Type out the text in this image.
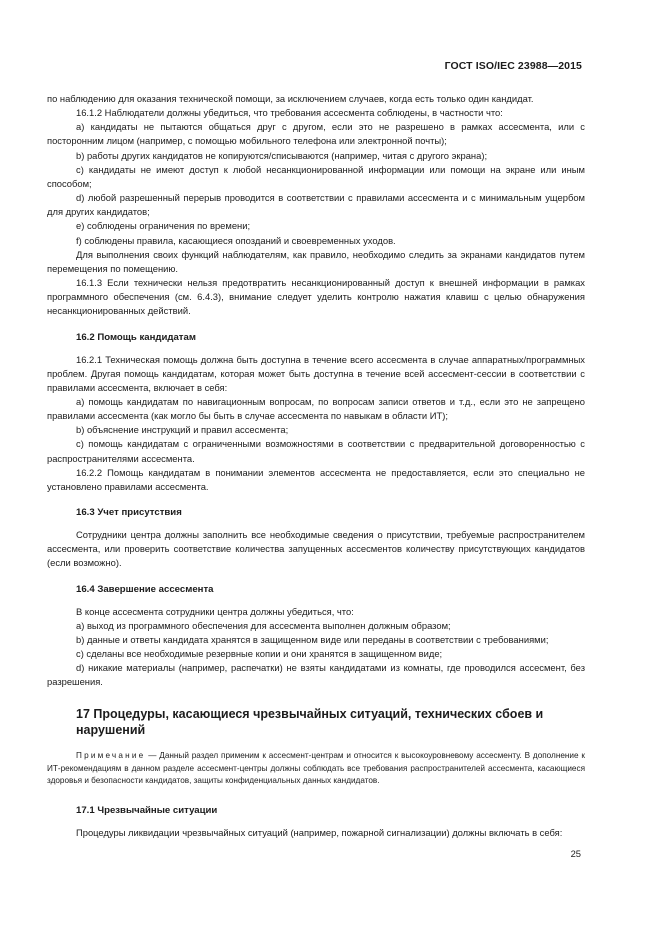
ГОСТ ISO/IEC 23988—2015

по наблюдению для оказания технической помощи, за исключением случаев, когда есть только один кандидат.

16.1.2 Наблюдатели должны убедиться, что требования ассесмента соблюдены, в частности что:

а) кандидаты не пытаются общаться друг с другом, если это не разрешено в рамках ассесмента, или с посторонним лицом (например, с помощью мобильного телефона или электронной почты);

b) работы других кандидатов не копируются/списываются (например, читая с другого экрана);

c) кандидаты не имеют доступ к любой несанкционированной информации или помощи на экране или иным способом;

d) любой разрешенный перерыв проводится в соответствии с правилами ассесмента и с минимальным ущербом для других кандидатов;

e) соблюдены ограничения по времени;

f) соблюдены правила, касающиеся опозданий и своевременных уходов.

Для выполнения своих функций наблюдателям, как правило, необходимо следить за экранами кандидатов путем перемещения по помещению.

16.1.3 Если технически нельзя предотвратить несанкционированный доступ к внешней информации в рамках программного обеспечения (см. 6.4.3), внимание следует уделить контролю нажатия клавиш с целью обнаружения несанкционированных действий.

16.2 Помощь кандидатам

16.2.1 Техническая помощь должна быть доступна в течение всего ассесмента в случае аппаратных/программных проблем. Другая помощь кандидатам, которая может быть доступна в течение всей ассесмент-сессии в соответствии с правилами ассесмента, включает в себя:

а) помощь кандидатам по навигационным вопросам, по вопросам записи ответов и т.д., если это не запрещено правилами ассесмента (как могло бы быть в случае ассесмента по навыкам в области ИТ);

b) объяснение инструкций и правил ассесмента;

c) помощь кандидатам с ограниченными возможностями в соответствии с предварительной договоренностью с распространителями ассесмента.

16.2.2 Помощь кандидатам в понимании элементов ассесмента не предоставляется, если это специально не установлено правилами ассесмента.

16.3 Учет присутствия

Сотрудники центра должны заполнить все необходимые сведения о присутствии, требуемые распространителем ассесмента, или проверить соответствие количества запущенных ассесментов количеству присутствующих кандидатов (если возможно).

16.4 Завершение ассесмента

В конце ассесмента сотрудники центра должны убедиться, что:

а) выход из программного обеспечения для ассесмента выполнен должным образом;

b) данные и ответы кандидата хранятся в защищенном виде или переданы в соответствии с требованиями;

c) сделаны все необходимые резервные копии и они хранятся в защищенном виде;

d) никакие материалы (например, распечатки) не взяты кандидатами из комнаты, где проводился ассесмент, без разрешения.

17 Процедуры, касающиеся чрезвычайных ситуаций, технических сбоев и нарушений

Примечание — Данный раздел применим к ассесмент-центрам и относится к высокоуровневому ассесменту. В дополнение к ИТ-рекомендациям в данном разделе ассесмент-центры должны соблюдать все требования распространителей ассесмента, касающиеся здоровья и безопасности кандидатов, защиты конфиденциальных данных кандидатов.

17.1 Чрезвычайные ситуации

Процедуры ликвидации чрезвычайных ситуаций (например, пожарной сигнализации) должны включать в себя:

25
